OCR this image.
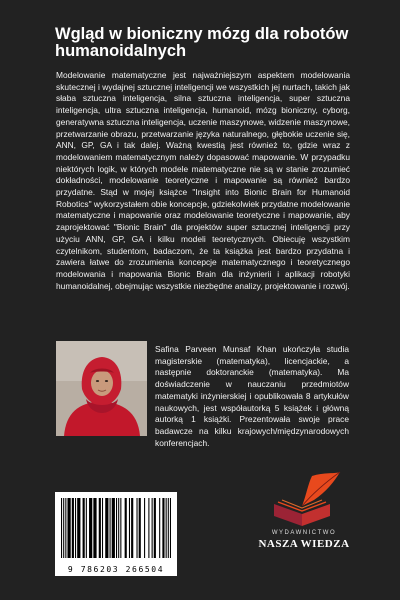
Wgląd w bioniczny mózg dla robotów humanoidalnych

Modelowanie matematyczne jest najważniejszym aspektem modelowania skutecznej i wydajnej sztucznej inteligencji we wszystkich jej nurtach, takich jak słaba sztuczna inteligencja, silna sztuczna inteligencja, super sztuczna inteligencja, ultra sztuczna inteligencja, humanoid, mózg bioniczny, cyborg, generatywna sztuczna inteligencja, uczenie maszynowe, widzenie maszynowe, przetwarzanie obrazu, przetwarzanie języka naturalnego, głębokie uczenie się, ANN, GP, GA i tak dalej. Ważną kwestią jest również to, gdzie wraz z modelowaniem matematycznym należy dopasować mapowanie. W przypadku niektórych logik, w których modele matematyczne nie są w stanie zrozumieć dokładności, modelowanie teoretyczne i mapowanie są również bardzo przydatne. Stąd w mojej książce "Insight into Bionic Brain for Humanoid Robotics" wykorzystałem obie koncepcje, gdziekolwiek przydatne modelowanie matematyczne i mapowanie oraz modelowanie teoretyczne i mapowanie, aby zaprojektować "Bionic Brain" dla projektów super sztucznej inteligencji przy użyciu ANN, GP, GA i kilku modeli teoretycznych. Obiecuję wszystkim czytelnikom, studentom, badaczom, że ta książka jest bardzo przydatna i zawiera łatwe do zrozumienia koncepcje matematycznego i teoretycznego modelowania i mapowania Bionic Brain dla inżynierii i aplikacji robotyki humanoidalnej, obejmując wszystkie niezbędne analizy, projektowanie i rozwój.

Safina Parveen Munsaf Khan ukończyła studia magisterskie (matematyka), licencjackie, a następnie doktoranckie (matematyka). Ma doświadczenie w nauczaniu przedmiotów matematyki inżynierskiej i opublikowała 8 artykułów naukowych, jest współautorką 5 książek i główną autorką 1 książki. Prezentowała swoje prace badawcze na kilku krajowych/międzynarodowych konferencjach.

WYDAWNICTWO
NASZA WIEDZA
9 786203 266504
